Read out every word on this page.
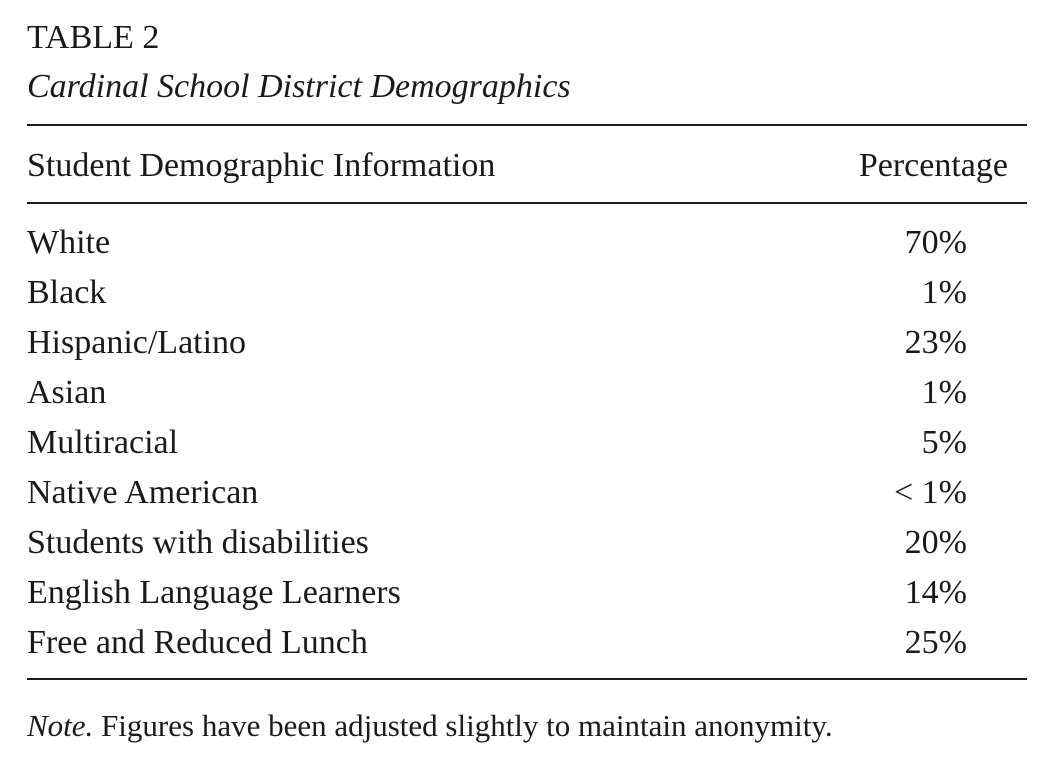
TABLE 2
Cardinal School District Demographics
Student Demographic Information	Percentage
White	70%
Black	1%
Hispanic/Latino	23%
Asian	1%
Multiracial	5%
Native American	< 1%
Students with disabilities	20%
English Language Learners	14%
Free and Reduced Lunch	25%
Note. Figures have been adjusted slightly to maintain anonymity.
